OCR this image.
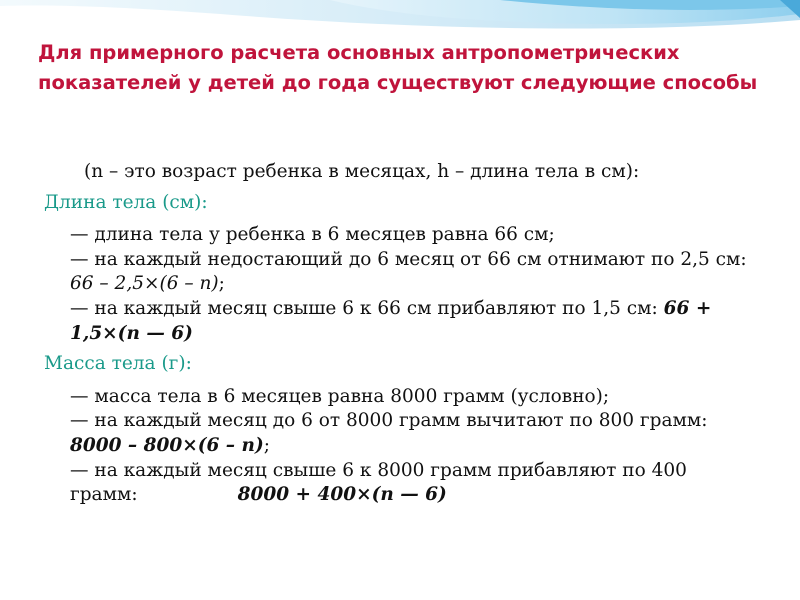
Для примерного расчета основных антропометрических показателей у детей до года существуют следующие способы

(n – это возраст ребенка в месяцах, h – длина тела в см):

Длина тела (см):
— длина тела у ребенка в 6 месяцев равна 66 см;
— на каждый недостающий до 6 месяц от 66 см отнимают по 2,5 см: 66 – 2,5×(6 – n);
— на каждый месяц свыше 6 к 66 см прибавляют по 1,5 см: 66 + 1,5×(n — 6)
Масса тела (г):
— масса тела в 6 месяцев равна 8000 грамм (условно);
— на каждый месяц до 6 от 8000 грамм вычитают по 800 грамм: 8000 – 800×(6 – n);
— на каждый месяц свыше 6 к 8000 грамм прибавляют по 400 грамм:	8000 + 400×(n — 6)
